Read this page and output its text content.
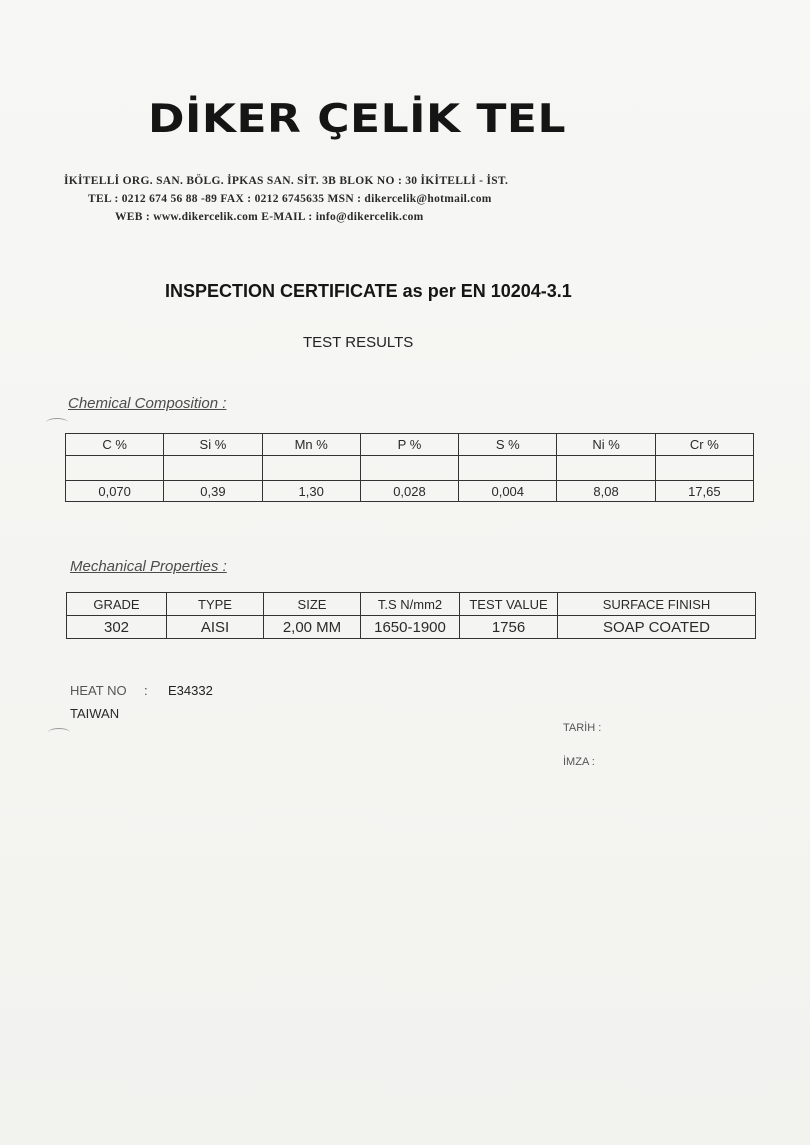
DİKER ÇELİK TEL
İKİTELLİ ORG. SAN. BÖLG. İPKAS SAN. SİT. 3B BLOK NO : 30 İKİTELLİ - İST.
TEL : 0212 674 56 88 -89 FAX : 0212 6745635 MSN : dikercelik@hotmail.com
WEB : www.dikercelik.com E-MAIL : info@dikercelik.com
INSPECTION CERTIFICATE as per EN 10204-3.1
TEST RESULTS
Chemical Composition :
C %	Si %	Mn %	P %	S %	Ni %	Cr %

0,070	0,39	1,30	0,028	0,004	8,08	17,65
Mechanical Properties :
GRADE	TYPE	SIZE	T.S N/mm2	TEST VALUE	SURFACE FINISH
302	AISI	2,00 MM	1650-1900	1756	SOAP COATED
HEAT NO : E34332
TAIWAN
TARİH :
İMZA :
